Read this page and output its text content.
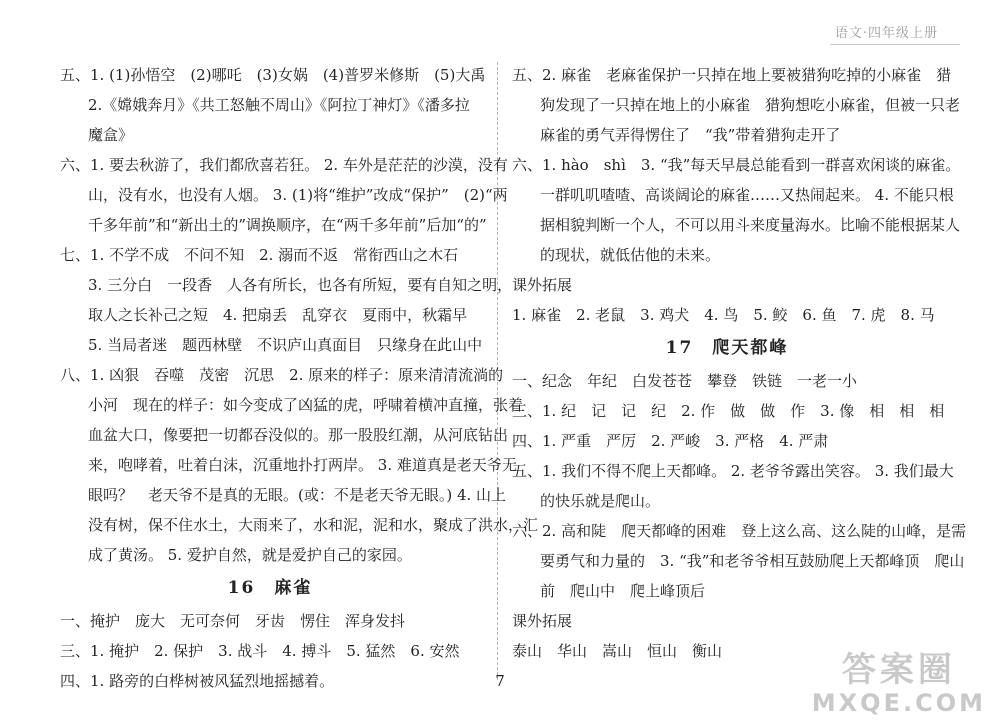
语文·四年级上册
五、1. (1)孙悟空　(2)哪吒　(3)女娲　(4)普罗米修斯　(5)大禹
2.《嫦娥奔月》《共工怒触不周山》《阿拉丁神灯》《潘多拉
魔盒》
六、1. 要去秋游了，我们都欣喜若狂。 2. 车外是茫茫的沙漠，没有
山，没有水，也没有人烟。 3. (1)将“维护”改成“保护”　(2)“两
千多年前”和“新出土的”调换顺序，在“两千多年前”后加“的”
七、1. 不学不成　不问不知　2. 溺而不返　常衔西山之木石
3. 三分白　一段香　人各有所长，也各有所短，要有自知之明，
取人之长补己之短　4. 把扇丢　乱穿衣　夏雨中，秋霜早
5. 当局者迷　题西林壁　不识庐山真面目　只缘身在此山中
八、1. 凶狠　吞噬　茂密　沉思　2. 原来的样子：原来清清流淌的
小河　现在的样子：如今变成了凶猛的虎，呼啸着横冲直撞，张着
血盆大口，像要把一切都吞没似的。那一股股红潮，从河底钻出
来，咆哮着，吐着白沫，沉重地扑打两岸。 3. 难道真是老天爷无
眼吗？　老天爷不是真的无眼。(或：不是老天爷无眼。) 4. 山上
没有树，保不住水土，大雨来了，水和泥，泥和水，聚成了洪水，汇
成了黄汤。 5. 爱护自然，就是爱护自己的家园。
16　麻雀
一、掩护　庞大　无可奈何　牙齿　愣住　浑身发抖
三、1. 掩护　2. 保护　3. 战斗　4. 搏斗　5. 猛然　6. 安然
四、1. 路旁的白桦树被风猛烈地摇撼着。
五、2. 麻雀　老麻雀保护一只掉在地上要被猎狗吃掉的小麻雀　猎
狗发现了一只掉在地上的小麻雀　猎狗想吃小麻雀，但被一只老
麻雀的勇气弄得愣住了　“我”带着猎狗走开了
六、1. hào　shì　3. “我”每天早晨总能看到一群喜欢闲谈的麻雀。
一群叽叽喳喳、高谈阔论的麻雀……又热闹起来。 4. 不能只根
据相貌判断一个人，不可以用斗来度量海水。比喻不能根据某人
的现状，就低估他的未来。
课外拓展
1. 麻雀　2. 老鼠　3. 鸡犬　4. 鸟　5. 鲛　6. 鱼　7. 虎　8. 马
17　爬天都峰
一、纪念　年纪　白发苍苍　攀登　铁链　一老一小
三、1. 纪　记　记　纪　2. 作　做　做　作　3. 像　相　相　相
四、1. 严重　严厉　2. 严峻　3. 严格　4. 严肃
五、1. 我们不得不爬上天都峰。 2. 老爷爷露出笑容。 3. 我们最大
的快乐就是爬山。
六、2. 高和陡　爬天都峰的困难　登上这么高、这么陡的山峰，是需
要勇气和力量的　3. “我”和老爷爷相互鼓励爬上天都峰顶　爬山
前　爬山中　爬上峰顶后
课外拓展
泰山　华山　嵩山　恒山　衡山
7	答案圈
MXQE.COM
